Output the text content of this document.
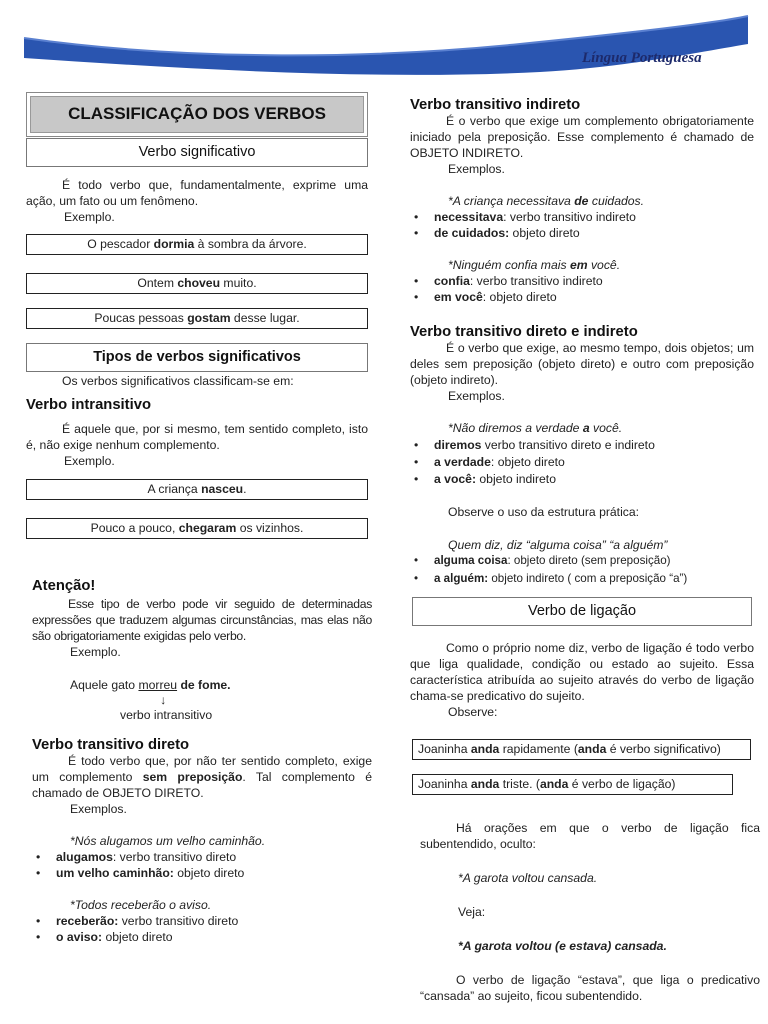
Língua Portuguesa
CLASSIFICAÇÃO DOS VERBOS
Verbo significativo

É todo verbo que, fundamentalmente, exprime uma ação, um fato ou um fenômeno.

Exemplo.

O pescador dormia à sombra da árvore.
Ontem choveu muito.
Poucas pessoas gostam desse lugar.
Tipos de verbos significativos

Os verbos significativos classificam-se em:

Verbo intransitivo

É aquele que, por si mesmo, tem sentido completo, isto é, não exige nenhum complemento.

Exemplo.

A criança nasceu.
Pouco a pouco, chegaram os vizinhos.
Atenção!

Esse tipo de verbo pode vir seguido de determinadas expressões que traduzem algumas circunstâncias, mas elas não são obrigatoriamente exigidas pelo verbo.

Exemplo.

Aquele gato morreu de fome.

↓

verbo intransitivo

Verbo transitivo direto

É todo verbo que, por não ter sentido completo, exige um complemento sem preposição. Tal complemento é chamado de OBJETO DIRETO.

Exemplos.

*Nós alugamos um velho caminhão.

•	alugamos: verbo transitivo direto
•	um velho caminhão: objeto direto

*Todos receberão o aviso.

•	receberão: verbo transitivo direto
•	o aviso: objeto direto
Verbo transitivo indireto

É o verbo que exige um complemento obrigatoriamente iniciado pela preposição. Esse complemento é chamado de OBJETO INDIRETO.

Exemplos.

*A criança necessitava de cuidados.

•	necessitava: verbo transitivo indireto
•	de cuidados: objeto direto

*Ninguém confia mais em você.

•	confia: verbo transitivo indireto
•	em você: objeto direto
Verbo transitivo direto e indireto

É o verbo que exige, ao mesmo tempo, dois objetos; um deles sem preposição (objeto direto) e outro com preposição (objeto indireto).

Exemplos.

*Não diremos a verdade a você.

•	diremos verbo transitivo direto e indireto
•	a verdade: objeto direto
•	a você: objeto indireto

Observe o uso da estrutura prática:

Quem diz, diz “alguma coisa” “a alguém”

•	alguma coisa: objeto direto (sem preposição)
•	a alguém: objeto indireto ( com a preposição “a”)
Verbo de ligação

Como o próprio nome diz, verbo de ligação é todo verbo que liga qualidade, condição ou estado ao sujeito. Essa característica atribuída ao sujeito através do verbo de ligação chama-se predicativo do sujeito.

Observe:

Joaninha anda rapidamente (anda é verbo significativo)
Joaninha anda triste. (anda é verbo de ligação)

Há orações em que o verbo de ligação fica subentendido, oculto:

*A garota voltou cansada.

Veja:

*A garota voltou (e estava) cansada.

O verbo de ligação “estava”, que liga o predicativo “cansada” ao sujeito, ficou subentendido.
